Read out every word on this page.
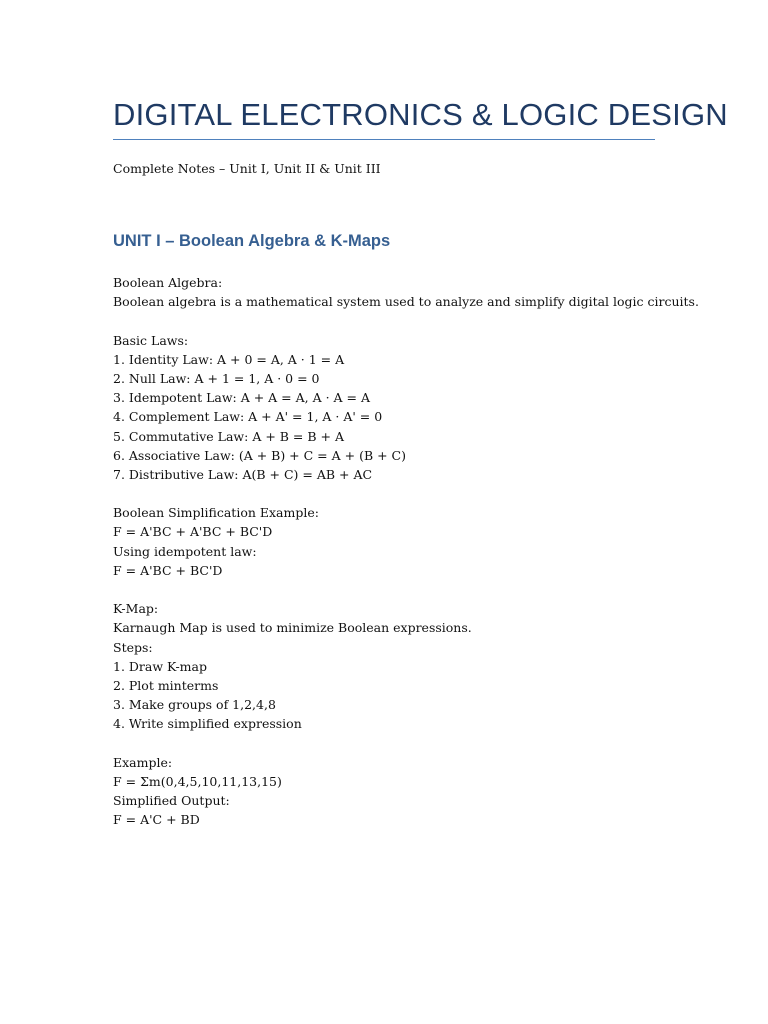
DIGITAL ELECTRONICS & LOGIC DESIGN
Complete Notes – Unit I, Unit II & Unit III
UNIT I – Boolean Algebra & K-Maps
Boolean Algebra:
Boolean algebra is a mathematical system used to analyze and simplify digital logic circuits.
Basic Laws:
1. Identity Law: A + 0 = A, A · 1 = A
2. Null Law: A + 1 = 1, A · 0 = 0
3. Idempotent Law: A + A = A, A · A = A
4. Complement Law: A + A' = 1, A · A' = 0
5. Commutative Law: A + B = B + A
6. Associative Law: (A + B) + C = A + (B + C)
7. Distributive Law: A(B + C) = AB + AC
Boolean Simplification Example:
F = A'BC + A'BC + BC'D
Using idempotent law:
F = A'BC + BC'D
K-Map:
Karnaugh Map is used to minimize Boolean expressions.
Steps:
1. Draw K-map
2. Plot minterms
3. Make groups of 1,2,4,8
4. Write simplified expression
Example:
F = Σm(0,4,5,10,11,13,15)
Simplified Output:
F = A'C + BD
